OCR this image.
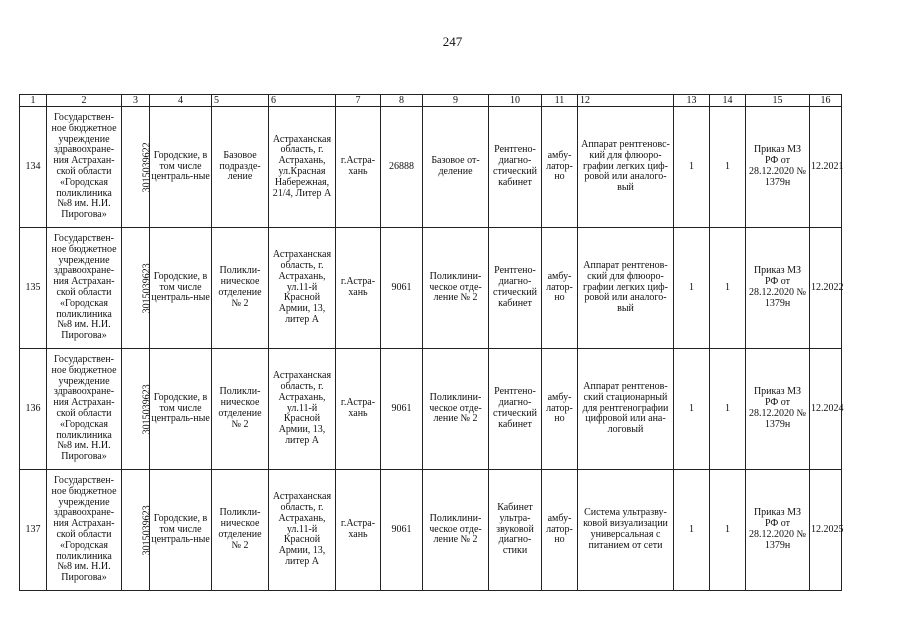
247
1	2	3	4	5	6	7	8	9	10	11	12	13	14	15	16
134	Государствен-ное бюджетное учреждение здравоохране-ния Астрахан-ской области «Городская поликлиника №8 им. Н.И. Пирогова»	3015039622	Городские, в том числе централь-ные	Базовое подразде-ление	Астраханская область, г. Астрахань, ул.Красная Набережная, 21/4, Литер А	г.Астра-хань	26888	Базовое от-деление	Рентгено-диагно-стический кабинет	амбу-латор-но	Аппарат рентгеновс-кий для флюоро-графии легких циф-ровой или аналого-вый	1	1	Приказ МЗ РФ от 28.12.2020 № 1379н	12.2021
135	Государствен-ное бюджетное учреждение здравоохране-ния Астрахан-ской области «Городская поликлиника №8 им. Н.И. Пирогова»	3015039623	Городские, в том числе централь-ные	Поликли-ническое отделение № 2	Астраханская область, г. Астрахань, ул.11-й Красной Армии, 13, литер А	г.Астра-хань	9061	Поликлини-ческое отде-ление № 2	Рентгено-диагно-стический кабинет	амбу-латор-но	Аппарат рентгенов-ский для флюоро-графии легких циф-ровой или аналого-вый	1	1	Приказ МЗ РФ от 28.12.2020 № 1379н	12.2022
136	Государствен-ное бюджетное учреждение здравоохране-ния Астрахан-ской области «Городская поликлиника №8 им. Н.И. Пирогова»	3015039623	Городские, в том числе централь-ные	Поликли-ническое отделение № 2	Астраханская область, г. Астрахань, ул.11-й Красной Армии, 13, литер А	г.Астра-хань	9061	Поликлини-ческое отде-ление № 2	Рентгено-диагно-стический кабинет	амбу-латор-но	Аппарат рентгенов-ский стационарный для рентгенографии цифровой или ана-логовый	1	1	Приказ МЗ РФ от 28.12.2020 № 1379н	12.2024
137	Государствен-ное бюджетное учреждение здравоохране-ния Астрахан-ской области «Городская поликлиника №8 им. Н.И. Пирогова»	3015039623	Городские, в том числе централь-ные	Поликли-ническое отделение № 2	Астраханская область, г. Астрахань, ул.11-й Красной Армии, 13, литер А	г.Астра-хань	9061	Поликлини-ческое отде-ление № 2	Кабинет ультра-звуковой диагно-стики	амбу-латор-но	Система ультразву-ковой визуализации универсальная с питанием от сети	1	1	Приказ МЗ РФ от 28.12.2020 № 1379н	12.2025
